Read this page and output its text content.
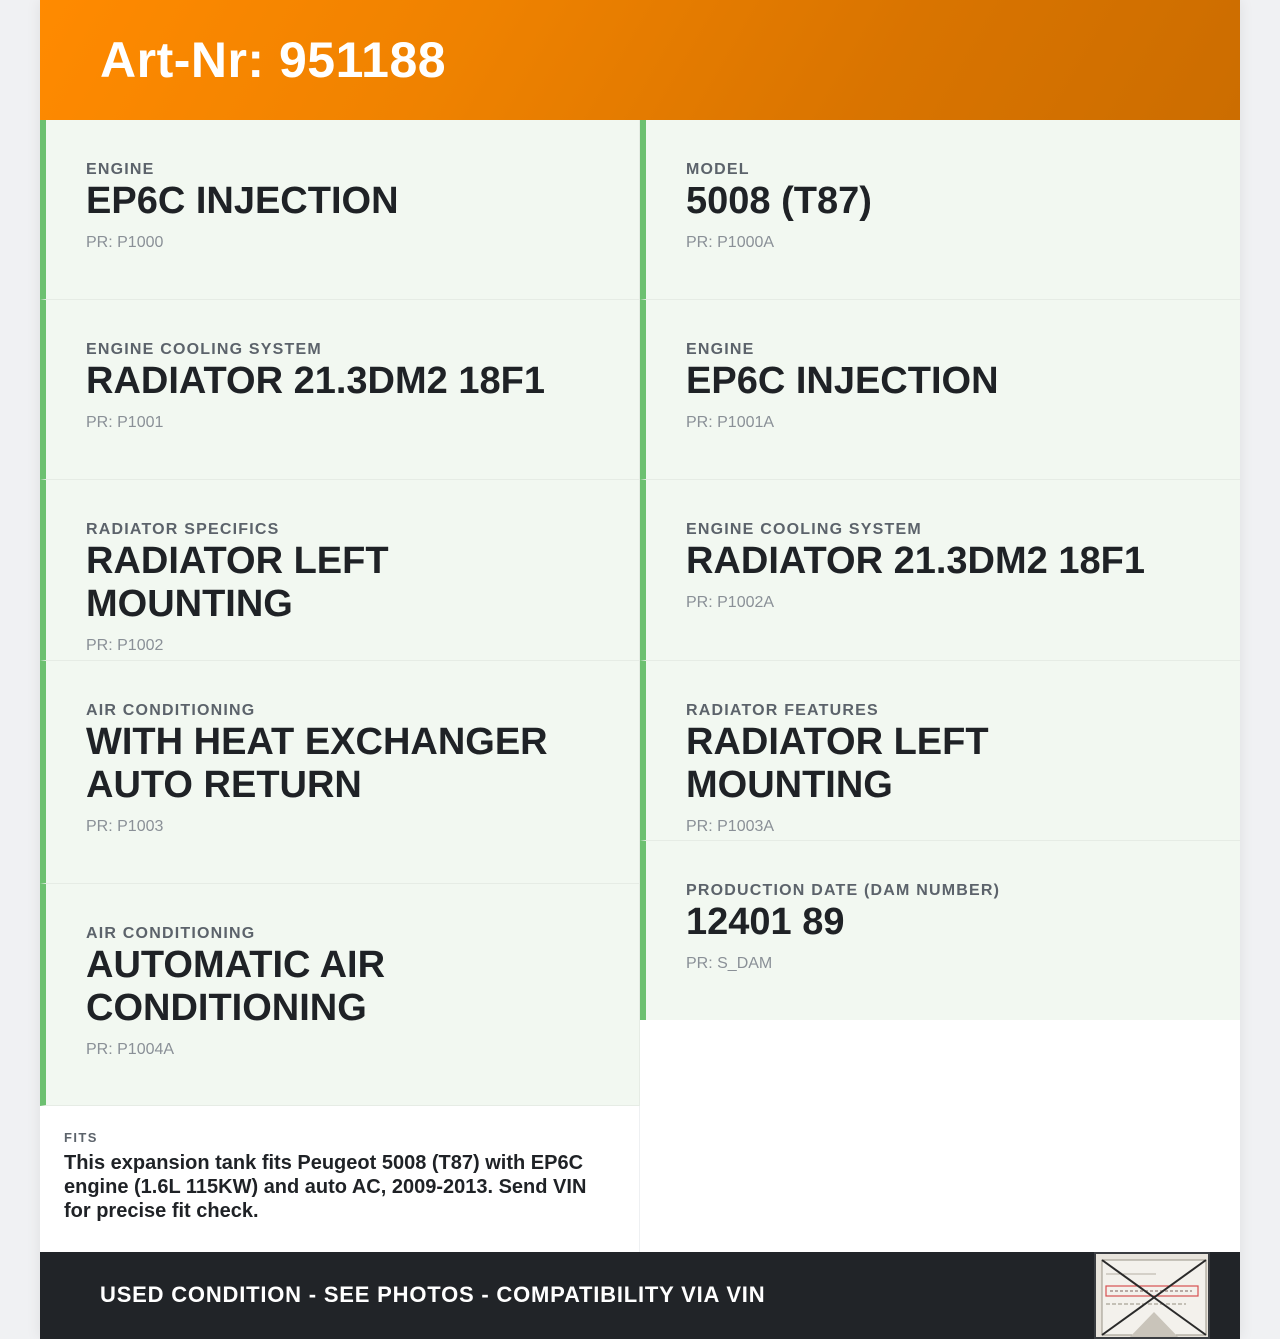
Art-Nr: 951188
ENGINE
EP6C INJECTION
PR: P1000
ENGINE COOLING SYSTEM
RADIATOR 21.3DM2 18F1
PR: P1001
RADIATOR SPECIFICS
RADIATOR LEFT MOUNTING
PR: P1002
AIR CONDITIONING
WITH HEAT EXCHANGER AUTO RETURN
PR: P1003
AIR CONDITIONING
AUTOMATIC AIR CONDITIONING
PR: P1004A
MODEL
5008 (T87)
PR: P1000A
ENGINE
EP6C INJECTION
PR: P1001A
ENGINE COOLING SYSTEM
RADIATOR 21.3DM2 18F1
PR: P1002A
RADIATOR FEATURES
RADIATOR LEFT MOUNTING
PR: P1003A
PRODUCTION DATE (DAM NUMBER)
12401 89
PR: S_DAM
FITS
This expansion tank fits Peugeot 5008 (T87) with EP6C engine (1.6L 115KW) and auto AC, 2009-2013. Send VIN for precise fit check.
USED CONDITION - SEE PHOTOS - COMPATIBILITY VIA VIN
